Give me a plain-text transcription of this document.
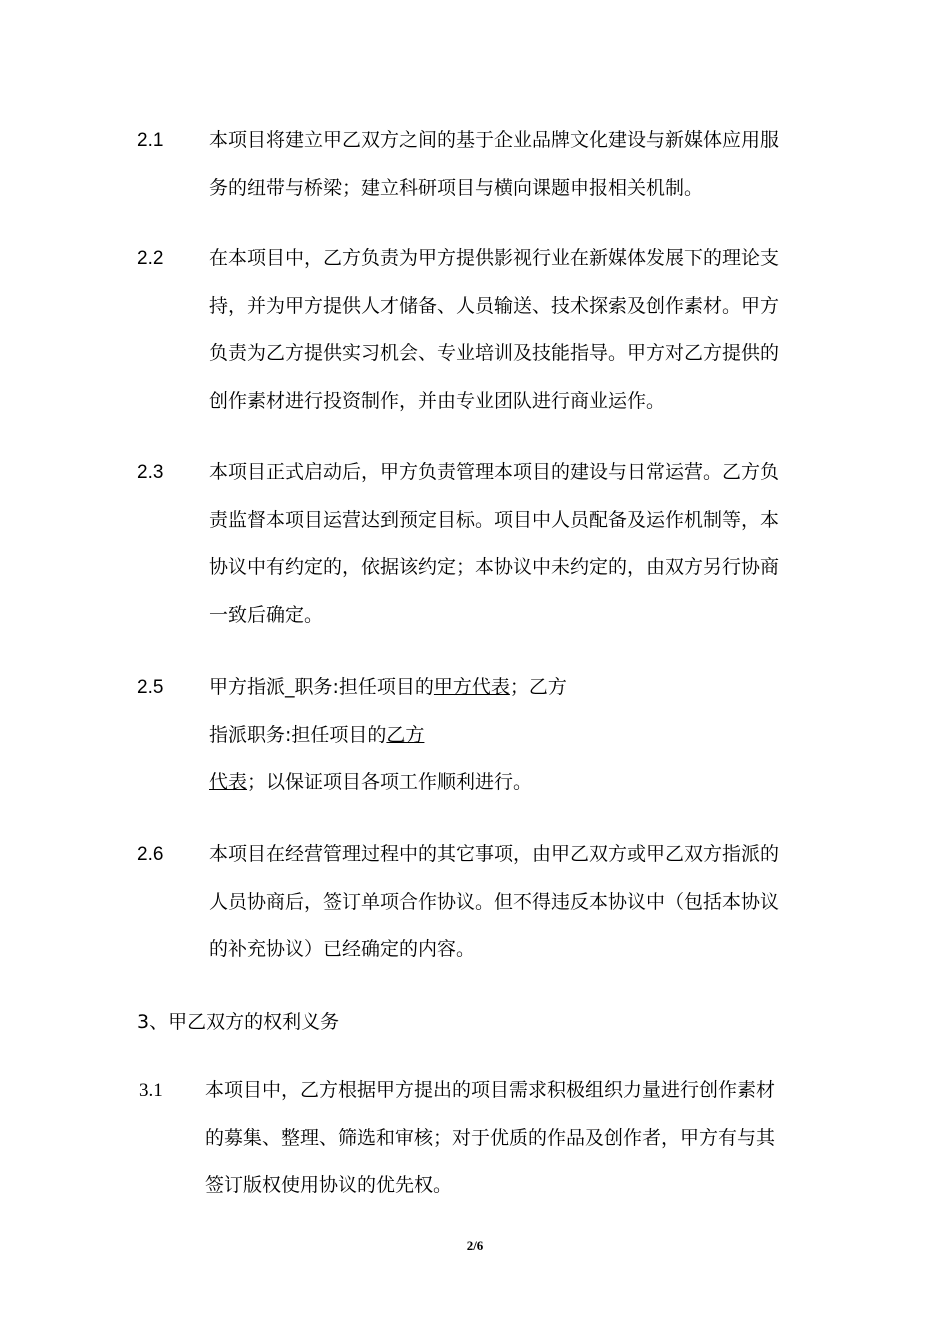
2.1 本项目将建立甲乙双方之间的基于企业品牌文化建设与新媒体应用服
务的纽带与桥梁；建立科研项目与横向课题申报相关机制。
2.2 在本项目中，乙方负责为甲方提供影视行业在新媒体发展下的理论支
持，并为甲方提供人才储备、人员输送、技术探索及创作素材。甲方
负责为乙方提供实习机会、专业培训及技能指导。甲方对乙方提供的
创作素材进行投资制作，并由专业团队进行商业运作。
2.3 本项目正式启动后，甲方负责管理本项目的建设与日常运营。乙方负
责监督本项目运营达到预定目标。项目中人员配备及运作机制等，本
协议中有约定的，依据该约定；本协议中未约定的，由双方另行协商
一致后确定。
2.5 甲方指派_职务:担任项目的甲方代表；乙方
指派职务:担任项目的乙方
代表；以保证项目各项工作顺利进行。
2.6 本项目在经营管理过程中的其它事项，由甲乙双方或甲乙双方指派的
人员协商后，签订单项合作协议。但不得违反本协议中（包括本协议
的补充协议）已经确定的内容。
3、甲乙双方的权利义务
3.1 本项目中，乙方根据甲方提出的项目需求积极组织力量进行创作素材
的募集、整理、筛选和审核；对于优质的作品及创作者，甲方有与其
签订版权使用协议的优先权。
2/6
